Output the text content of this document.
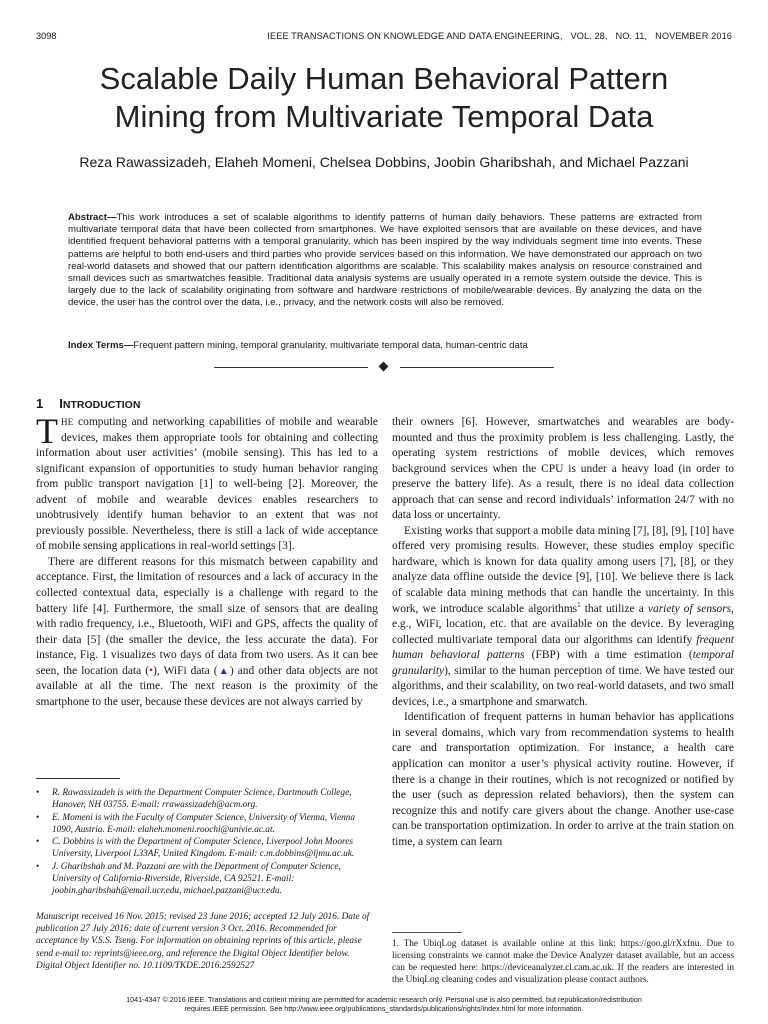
3098	IEEE TRANSACTIONS ON KNOWLEDGE AND DATA ENGINEERING,   VOL. 28,   NO. 11,   NOVEMBER 2016
Scalable Daily Human Behavioral Pattern
Mining from Multivariate Temporal Data
Reza Rawassizadeh, Elaheh Momeni, Chelsea Dobbins, Joobin Gharibshah, and Michael Pazzani

Abstract—This work introduces a set of scalable algorithms to identify patterns of human daily behaviors. These patterns are extracted from multivariate temporal data that have been collected from smartphones. We have exploited sensors that are available on these devices, and have identified frequent behavioral patterns with a temporal granularity, which has been inspired by the way individuals segment time into events. These patterns are helpful to both end-users and third parties who provide services based on this information. We have demonstrated our approach on two real-world datasets and showed that our pattern identification algorithms are scalable. This scalability makes analysis on resource constrained and small devices such as smartwatches feasible. Traditional data analysis systems are usually operated in a remote system outside the device. This is largely due to the lack of scalability originating from software and hardware restrictions of mobile/wearable devices. By analyzing the data on the device, the user has the control over the data, i.e., privacy, and the network costs will also be removed.

Index Terms—Frequent pattern mining, temporal granularity, multivariate temporal data, human-centric data

1 INTRODUCTION

THE computing and networking capabilities of mobile and wearable devices, makes them appropriate tools for obtaining and collecting information about user activities’ (mobile sensing). This has led to a significant expansion of opportunities to study human behavior ranging from public transport navigation [1] to well-being [2]. Moreover, the advent of mobile and wearable devices enables researchers to unobtrusively identify human behavior to an extent that was not previously possible. Nevertheless, there is still a lack of wide acceptance of mobile sensing applications in real-world settings [3].

There are different reasons for this mismatch between capability and acceptance. First, the limitation of resources and a lack of accuracy in the collected contextual data, especially is a challenge with regard to the battery life [4]. Furthermore, the small size of sensors that are dealing with radio frequency, i.e., Bluetooth, WiFi and GPS, affects the quality of their data [5] (the smaller the device, the less accurate the data). For instance, Fig. 1 visualizes two days of data from two users. As it can bee seen, the location data (•), WiFi data (▲) and other data objects are not available at all the time. The next reason is the proximity of the smartphone to the user, because these devices are not always carried by

their owners [6]. However, smartwatches and wearables are body-mounted and thus the proximity problem is less challenging. Lastly, the operating system restrictions of mobile devices, which removes background services when the CPU is under a heavy load (in order to preserve the battery life). As a result, there is no ideal data collection approach that can sense and record individuals’ information 24/7 with no data loss or uncertainty.

Existing works that support a mobile data mining [7], [8], [9], [10] have offered very promising results. However, these studies employ specific hardware, which is known for data quality among users [7], [8], or they analyze data offline outside the device [9], [10]. We believe there is lack of scalable data mining methods that can handle the uncertainty. In this work, we introduce scalable algorithms$^1$ that utilize a variety of sensors, e.g., WiFi, location, etc. that are available on the device. By leveraging collected multivariate temporal data our algorithms can identify frequent human behavioral patterns (FBP) with a time estimation (temporal granularity), similar to the human perception of time. We have tested our algorithms, and their scalability, on two real-world datasets, and two small devices, i.e., a smartphone and smarwatch.

Identification of frequent patterns in human behavior has applications in several domains, which vary from recommendation systems to health care and transportation optimization. For instance, a health care application can monitor a user’s physical activity routine. However, if there is a change in their routines, which is not recognized or notified by the user (such as depression related behaviors), then the system can recognize this and notify care givers about the change. Another use-case can be transportation optimization. In order to arrive at the train station on time, a system can learn

• R. Rawassizadeh is with the Department Computer Science, Dartmouth College, Hanover, NH 03755. E-mail: rrawassizadeh@acm.org.
• E. Momeni is with the Faculty of Computer Science, University of Vienna, Vienna 1090, Austria. E-mail: elaheh.momeni.roochi@univie.ac.at.
• C. Dobbins is with the Department of Computer Science, Liverpool John Moores University, Liverpool L33AF, United Kingdom. E-mail: c.m.dobbins@ljmu.ac.uk.
• J. Gharibshah and M. Pazzani are with the Department of Computer Science, University of California-Riverside, Riverside, CA 92521. E-mail: joobin.gharibshah@email.ucr.edu, michael.pazzani@ucr.edu.

Manuscript received 16 Nov. 2015; revised 23 June 2016; accepted 12 July 2016. Date of publication 27 July 2016; date of current version 3 Oct. 2016. Recommended for acceptance by V.S.S. Tseng. For information on obtaining reprints of this article, please send e-mail to: reprints@ieee.org, and reference the Digital Object Identifier below. Digital Object Identifier no. 10.1109/TKDE.2016.2592527

1. The UbiqLog dataset is available online at this link: https://goo.gl/rXxfnu. Due to licensing constraints we cannot make the Device Analyzer dataset available, but an access can be requested here: https://deviceanalyzer.cl.cam.ac.uk. If the readers are interested in the UbiqLog cleaning codes and visualization please contact authors.

1041-4347 © 2016 IEEE. Translations and content mining are permitted for academic research only. Personal use is also permitted, but republication/redistribution
requires IEEE permission. See http://www.ieee.org/publications_standards/publications/rights/index.html for more information.
